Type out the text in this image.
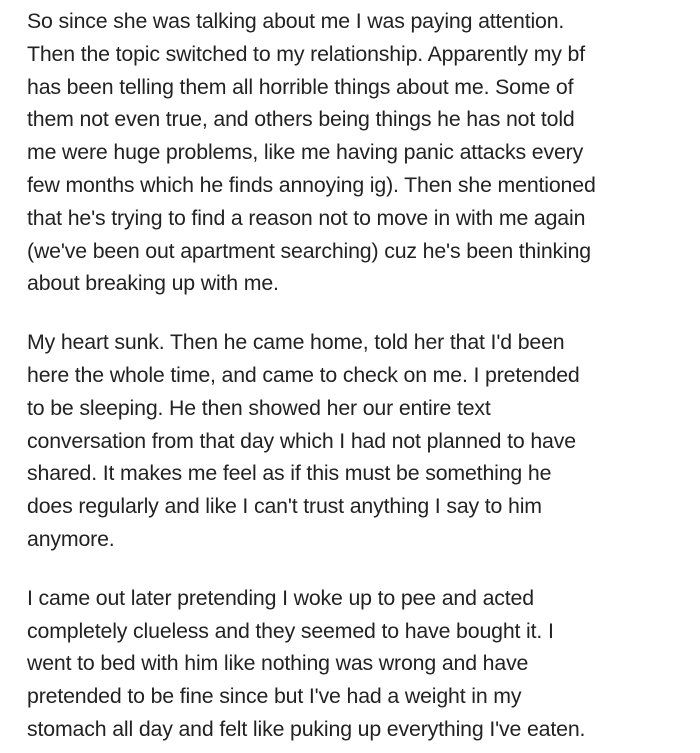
So since she was talking about me I was paying attention.
Then the topic switched to my relationship. Apparently my bf
has been telling them all horrible things about me. Some of
them not even true, and others being things he has not told
me were huge problems, like me having panic attacks every
few months which he finds annoying ig). Then she mentioned
that he's trying to find a reason not to move in with me again
(we've been out apartment searching) cuz he's been thinking
about breaking up with me.

My heart sunk. Then he came home, told her that I'd been
here the whole time, and came to check on me. I pretended
to be sleeping. He then showed her our entire text
conversation from that day which I had not planned to have
shared. It makes me feel as if this must be something he
does regularly and like I can't trust anything I say to him
anymore.

I came out later pretending I woke up to pee and acted
completely clueless and they seemed to have bought it. I
went to bed with him like nothing was wrong and have
pretended to be fine since but I've had a weight in my
stomach all day and felt like puking up everything I've eaten.
